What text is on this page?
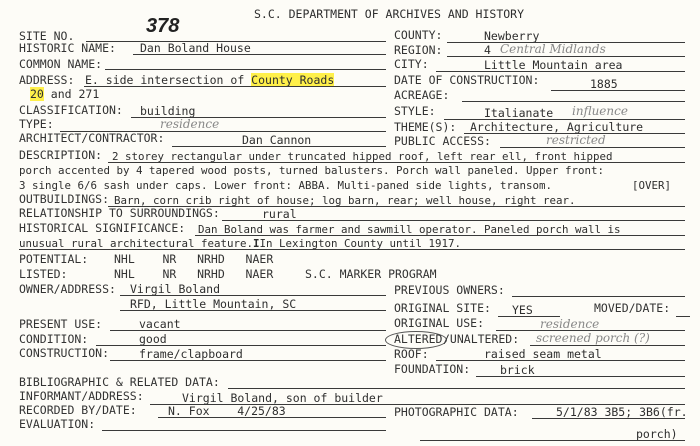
S.C. DEPARTMENT OF ARCHIVES AND HISTORY
SITE NO.	378
HISTORIC NAME: Dan Boland House
COMMON NAME:
ADDRESS: E. side intersection of County Roads
20 and 271
CLASSIFICATION: building
TYPE:	residence
ARCHITECT/CONTRACTOR:	Dan Cannon
COUNTY:	Newberry
REGION:	4 Central Midlands
CITY:	Little Mountain area
DATE OF CONSTRUCTION:	1885
ACREAGE:
STYLE:	Italianate influence
THEME(S): Architecture, Agriculture
PUBLIC ACCESS:	restricted
DESCRIPTION: 2 storey rectangular under truncated hipped roof, left rear ell, front hipped
porch accented by 4 tapered wood posts, turned balusters. Porch wall paneled. Upper front:
3 single 6/6 sash under caps. Lower front: ABBA. Multi-paned side lights, transom.	[OVER]
OUTBUILDINGS: Barn, corn crib right of house; log barn, rear; well house, right rear.
RELATIONSHIP TO SURROUNDINGS:	rural
HISTORICAL SIGNIFICANCE: Dan Boland was farmer and sawmill operator. Paneled porch wall is
unusual rural architectural feature.IIn Lexington County until 1917.
POTENTIAL: NHL    NR   NRHD   NAER
LISTED:	NHL    NR   NRHD   NAER	S.C. MARKER PROGRAM
OWNER/ADDRESS: Virgil Boland
RFD, Little Mountain, SC
PREVIOUS OWNERS:
ORIGINAL SITE: YES	MOVED/DATE:
ORIGINAL USE:	residence
ALTERED /UNALTERED: screened porch (?)
ROOF:	raised seam metal
FOUNDATION:	brick
PRESENT USE:	vacant
CONDITION:	good
CONSTRUCTION:	frame/clapboard
BIBLIOGRAPHIC & RELATED DATA:
INFORMANT/ADDRESS:	Virgil Boland, son of builder
RECORDED BY/DATE:	N. Fox    4/25/83	PHOTOGRAPHIC DATA:	5/1/83 3B5; 3B6(fr.
porch)
EVALUATION:
